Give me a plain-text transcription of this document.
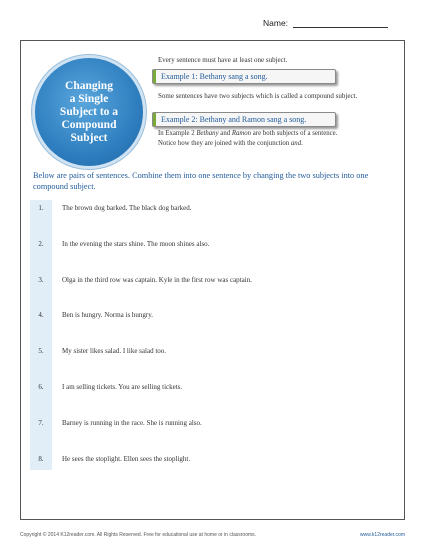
Name:
Changing
a Single
Subject to a
Compound
Subject
Every sentence must have at least one subject.
Example 1: Bethany sang a song.
Some sentences have two subjects which is called a compound subject.
Example 2: Bethany and Ramon sang a song.
In Example 2 Bethany and Ramon are both subjects of a sentence.
Notice how they are joined with the conjunction and.
Below are pairs of sentences. Combine them into one sentence by changing the two subjects into one compound subject.
1.	The brown dog barked. The black dog barked.
2.	In the evening the stars shine. The moon shines also.
3.	Olga in the third row was captain. Kyle in the first row was captain.
4.	Ben is hungry. Norma is hungry.
5.	My sister likes salad. I like salad too.
6.	I am selling tickets. You are selling tickets.
7.	Barney is running in the race. She is running also.
8.	He sees the stoplight. Ellen sees the stoplight.
Copyright © 2014 K12reader.com. All Rights Reserved. Free for educational use at home or in classrooms.	www.k12reader.com
